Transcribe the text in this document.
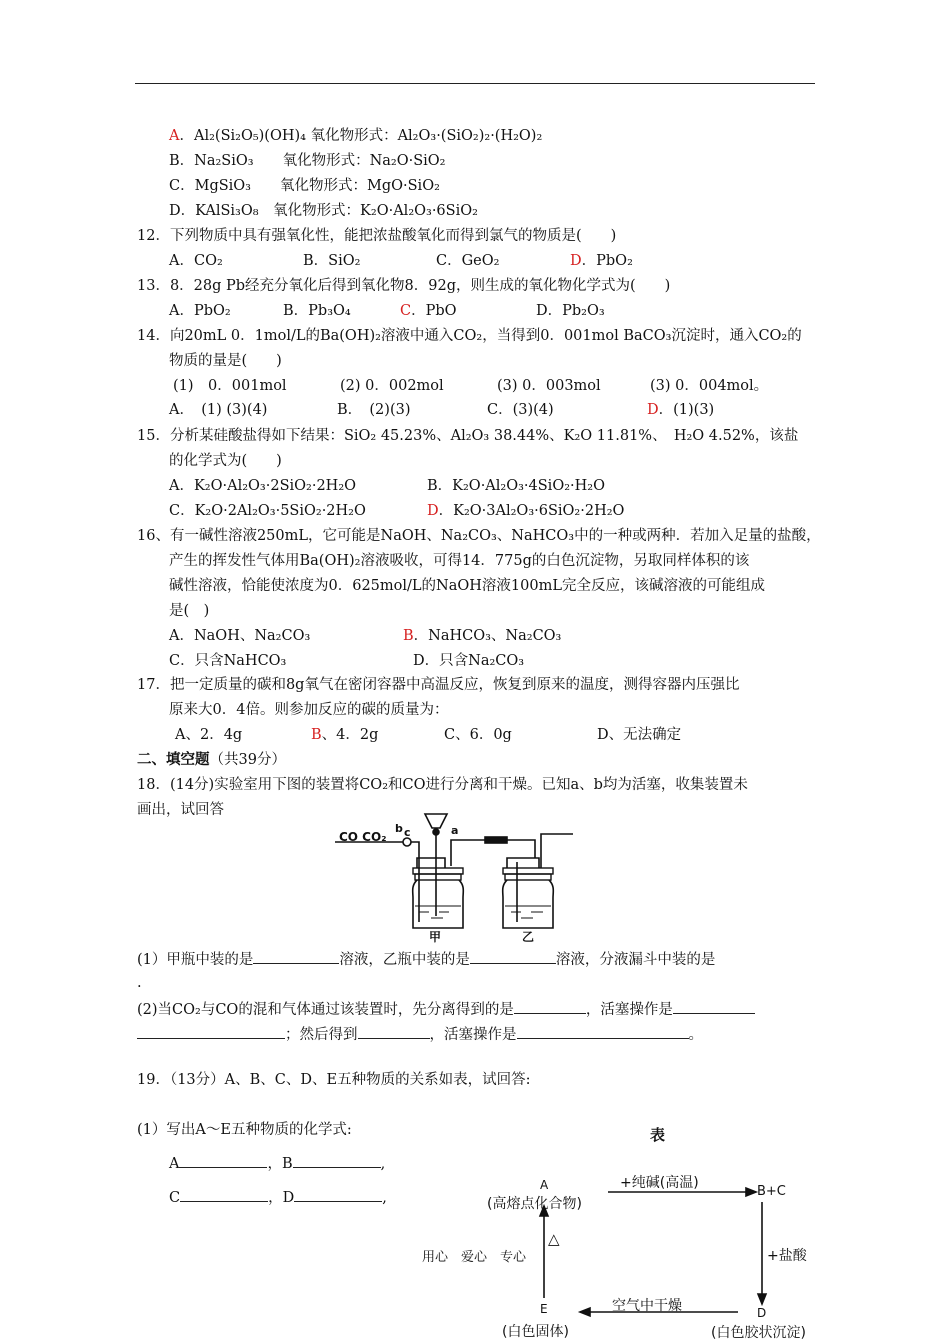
A．Al₂(Si₂O₅)(OH)₄ 氧化物形式：Al₂O₃·(SiO₂)₂·(H₂O)₂
B．Na₂SiO₃　　氧化物形式：Na₂O·SiO₂
C．MgSiO₃　　氧化物形式：MgO·SiO₂
D．KAlSi₃O₈　氧化物形式：K₂O·Al₂O₃·6SiO₂
12．下列物质中具有强氧化性，能把浓盐酸氧化而得到氯气的物质是(　　)
A．CO₂	B．SiO₂	C．GeO₂	D．PbO₂
13．8．28g Pb经充分氧化后得到氧化物8．92g，则生成的氧化物化学式为(　　)
A．PbO₂	B．Pb₃O₄	C．PbO	D．Pb₂O₃
14．向20mL 0．1mol/L的Ba(OH)₂溶液中通入CO₂，当得到0．001mol BaCO₃沉淀时，通入CO₂的
物质的量是(　　)
(1)　0．001mol	(2) 0．002mol	(3) 0．003mol	(3) 0．004mol。
A．　(1) (3)(4)	B．　(2)(3)	C．(3)(4)	D．(1)(3)
15．分析某硅酸盐得如下结果：SiO₂ 45.23%、Al₂O₃ 38.44%、K₂O 11.81%、　H₂O 4.52%，该盐
的化学式为(　　)
A．K₂O·Al₂O₃·2SiO₂·2H₂O	B．K₂O·Al₂O₃·4SiO₂·H₂O
C．K₂O·2Al₂O₃·5SiO₂·2H₂O	D．K₂O·3Al₂O₃·6SiO₂·2H₂O
16、有一碱性溶液250mL，它可能是NaOH、Na₂CO₃、NaHCO₃中的一种或两种．若加入足量的盐酸，
产生的挥发性气体用Ba(OH)₂溶液吸收，可得14．775g的白色沉淀物，另取同样体积的该
碱性溶液，恰能使浓度为0．625mol/L的NaOH溶液100mL完全反应，该碱溶液的可能组成
是(　)
A．NaOH、Na₂CO₃	B．NaHCO₃、Na₂CO₃
C．只含NaHCO₃	D．只含Na₂CO₃
17．把一定质量的碳和8g氧气在密闭容器中高温反应，恢复到原来的温度，测得容器内压强比
原来大0．4倍。则参加反应的碳的质量为：
A、2．4g	B、4．2g	C、6．0g	D、无法确定
二、填空题（共39分）
18．(14分)实验室用下图的装置将CO₂和CO进行分离和干燥。已知a、b均为活塞，收集装置未
画出，试回答
CO CO₂
b c	a
甲	乙
(1）甲瓶中装的是	溶液，乙瓶中装的是	溶液，分液漏斗中装的是
.
(2)当CO₂与CO的混和气体通过该装置时，先分离得到的是	，活塞操作是
；然后得到	，活塞操作是	。
19．（13分）A、B、C、D、E五种物质的关系如表，试回答:
(1）写出A～E五种物质的化学式:
A	，B	,
C	，D	,
表
A
(高熔点化合物)
+纯碱(高温)
B+C
+盐酸
D
(白色胶状沉淀)
空气中干燥
E
(白色固体)
△
用心　爱心　专心
